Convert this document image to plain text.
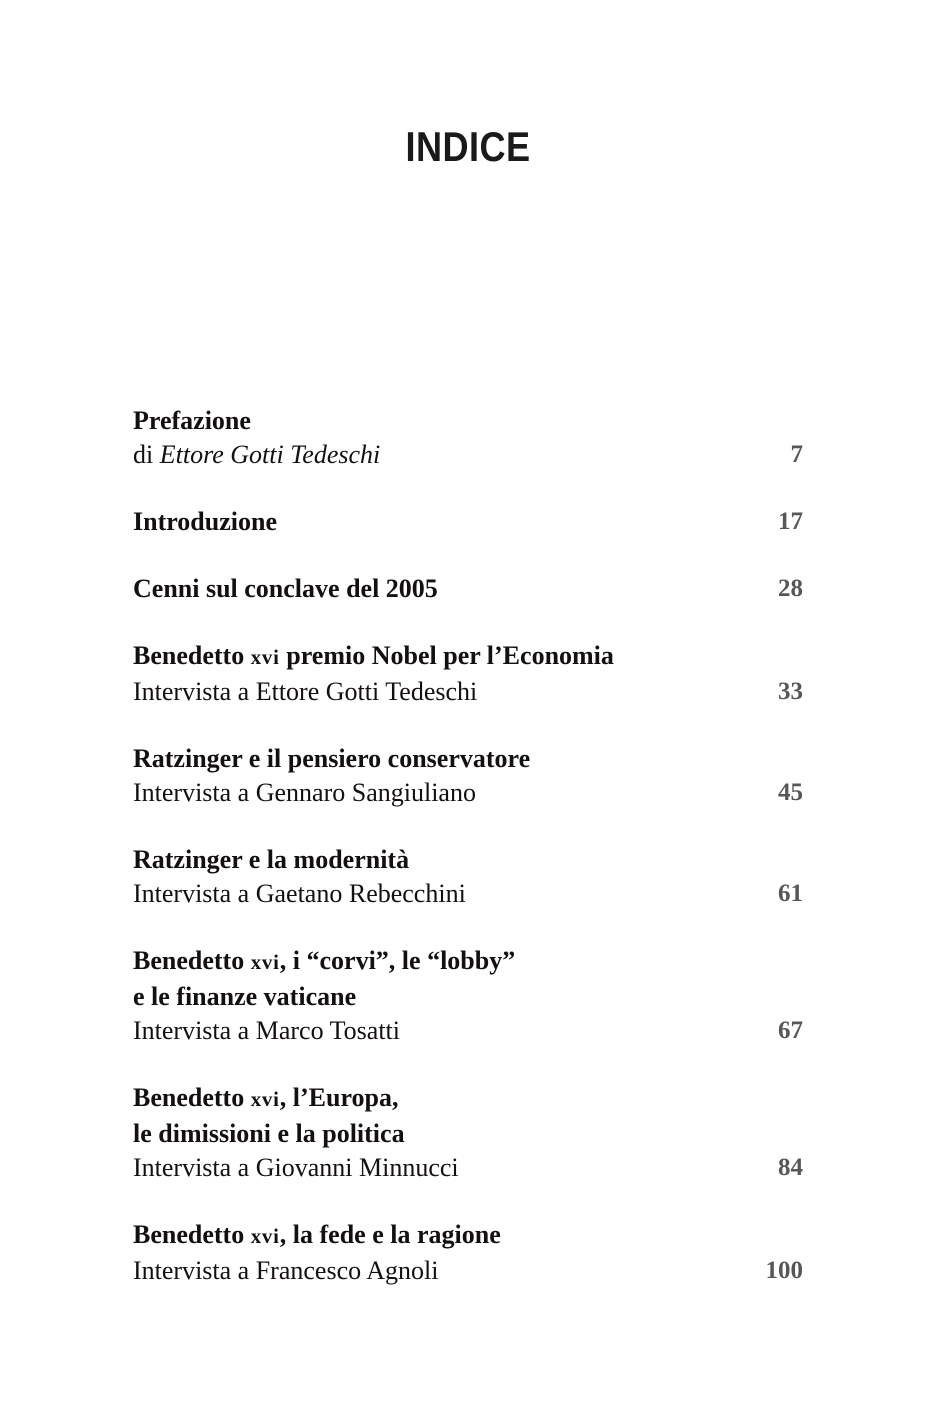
INDICE
Prefazione
di Ettore Gotti Tedeschi	7
Introduzione	17
Cenni sul conclave del 2005	28
Benedetto xvi premio Nobel per l’Economia
Intervista a Ettore Gotti Tedeschi	33
Ratzinger e il pensiero conservatore
Intervista a Gennaro Sangiuliano	45
Ratzinger e la modernità
Intervista a Gaetano Rebecchini	61
Benedetto xvi, i “corvi”, le “lobby”
e le finanze vaticane
Intervista a Marco Tosatti	67
Benedetto xvi, l’Europa,
le dimissioni e la politica
Intervista a Giovanni Minnucci	84
Benedetto xvi, la fede e la ragione
Intervista a Francesco Agnoli	100
